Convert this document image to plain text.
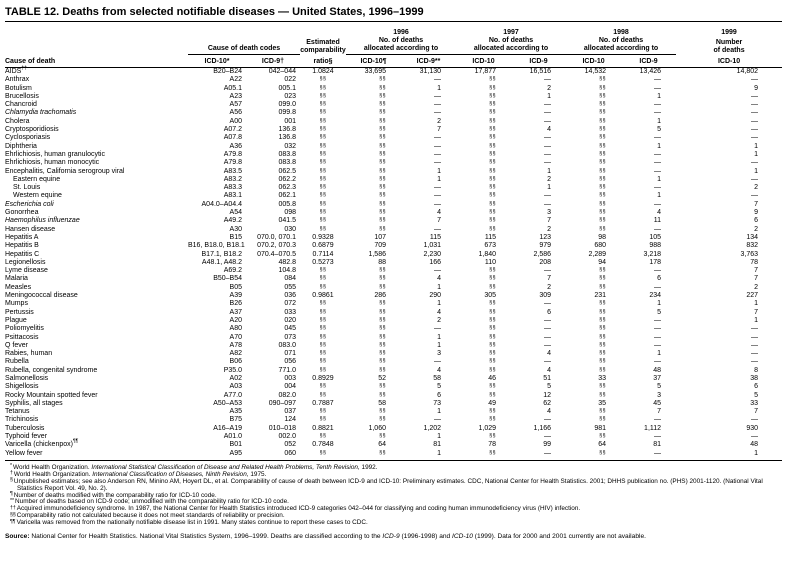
TABLE 12. Deaths from selected notifiable diseases — United States, 1996–1999
				1996		1997		1998		1999
	Cause of death codes	
Estimated
comparability

No. of deaths
allocated according to

No. of deaths
allocated according to

No. of deaths
allocated according to

Number
of deaths

Cause of death	ICD-10*	ICD-9†	ratio§	ICD-10¶	ICD-9**	ICD-10	ICD-9	ICD-10	ICD-9	ICD-10
AIDS††	B20–B24	042–044	1.0824	33,695	31,130	17,877	16,516	14,532	13,426	14,802
Anthrax	A22	022	§§	§§	—	§§	—	§§	—	—
Botulism	A05.1	005.1	§§	§§	1	§§	2	§§	—	9
Brucellosis	A23	023	§§	§§	—	§§	1	§§	1	—
Chancroid	A57	099.0	§§	§§	—	§§	—	§§	—	—
Chlamydia trachomatis	A56	099.8	§§	§§	—	§§	—	§§	—	—
Cholera	A00	001	§§	§§	2	§§	—	§§	1	—
Cryptosporidiosis	A07.2	136.8	§§	§§	7	§§	4	§§	5	—
Cyclosporiasis	A07.8	136.8	§§	§§	—	§§	—	§§	—	—
Diphtheria	A36	032	§§	§§	—	§§	—	§§	1	1
Ehrlichiosis, human granulocytic	A79.8	083.8	§§	§§	—	§§	—	§§	—	1
Ehrlichiosis, human monocytic	A79.8	083.8	§§	§§	—	§§	—	§§	—	—
Encephalitis, California serogroup viral	A83.5	062.5	§§	§§	1	§§	1	§§	—	1
Eastern equine	A83.2	062.2	§§	§§	1	§§	2	§§	1	—
St. Louis	A83.3	062.3	§§	§§	—	§§	1	§§	—	2
Western equine	A83.1	062.1	§§	§§	—	§§	—	§§	1	—
Escherichia coli	A04.0–A04.4	005.8	§§	§§	—	§§	—	§§	—	7
Gonorrhea	A54	098	§§	§§	4	§§	3	§§	4	9
Haemophilus influenzae	A49.2	041.5	§§	§§	7	§§	7	§§	11	6
Hansen disease	A30	030	§§	§§	—	§§	2	§§	—	2
Hepatitis A	B15	070.0, 070.1	0.9328	107	115	115	123	98	105	134
Hepatitis B	B16, B18.0, B18.1	070.2, 070.3	0.6879	709	1,031	673	979	680	988	832
Hepatitis C	B17.1, B18.2	070.4–070.5	0.7114	1,586	2,230	1,840	2,586	2,289	3,218	3,763
Legionellosis	A48.1, A48.2	482.8	0.5273	88	166	110	208	94	178	78
Lyme disease	A69.2	104.8	§§	§§	—	§§	—	§§	—	7
Malaria	B50–B54	084	§§	§§	4	§§	7	§§	6	7
Measles	B05	055	§§	§§	1	§§	2	§§	—	2
Meningococcal disease	A39	036	0.9861	286	290	305	309	231	234	227
Mumps	B26	072	§§	§§	1	§§	—	§§	1	1
Pertussis	A37	033	§§	§§	4	§§	6	§§	5	7
Plague	A20	020	§§	§§	2	§§	—	§§	—	1
Poliomyelitis	A80	045	§§	§§	—	§§	—	§§	—	—
Psittacosis	A70	073	§§	§§	1	§§	—	§§	—	—
Q fever	A78	083.0	§§	§§	1	§§	—	§§	—	—
Rabies, human	A82	071	§§	§§	3	§§	4	§§	1	—
Rubella	B06	056	§§	§§	—	§§	—	§§	—	—
Rubella, congenital syndrome	P35.0	771.0	§§	§§	4	§§	4	§§	48	8
Salmonellosis	A02	003	0.8929	52	58	46	51	33	37	38
Shigellosis	A03	004	§§	§§	5	§§	5	§§	5	6
Rocky Mountain spotted fever	A77.0	082.0	§§	§§	6	§§	12	§§	3	5
Syphilis, all stages	A50–A53	090–097	0.7887	58	73	49	62	35	45	33
Tetanus	A35	037	§§	§§	1	§§	4	§§	7	7
Trichinosis	B75	124	§§	§§	—	§§	—	§§	—	—
Tuberculosis	A16–A19	010–018	0.8821	1,060	1,202	1,029	1,166	981	1,112	930
Typhoid fever	A01.0	002.0	§§	§§	1	§§	—	§§	—	—
Varicella (chickenpox)¶¶	B01	052	0.7848	64	81	78	99	64	81	48
Yellow fever	A95	060	§§	§§	1	§§	—	§§	—	1
*World Health Organization. International Statistical Classification of Disease and Related Health Problems, Tenth Revision, 1992.
†World Health Organization. International Classification of Diseases, Ninth Revision, 1975.
§Unpublished estimates; see also Anderson RN, Minino AM, Hoyert DL, et al. Comparability of cause of death between ICD-9 and ICD-10: Preliminary estimates. CDC, National Center for Health Statistics. 2001; DHHS publication no. (PHS) 2001-1120. (National Vital Statistics Report Vol. 49, No. 2).
¶Number of deaths modified with the comparability ratio for ICD-10 code.
**Number of deaths based on ICD-9 code; unmodified with the comparability ratio for ICD-10 code.
††Acquired immunodeficiency syndrome. In 1987, the National Center for Health Statistics introduced ICD-9 categories 042–044 for classifying and coding human immunodeficiency virus (HIV) infection.
§§Comparability ratio not calculated because it does not meet standards of reliability or precision.
¶¶Varicella was removed from the nationally notifiable disease list in 1991. Many states continue to report these cases to CDC.
Source: National Center for Health Statistics. National Vital Statistics System, 1996–1999. Deaths are classified according to the ICD-9 (1996-1998) and ICD-10 (1999). Data for 2000 and 2001 currently are not available.
